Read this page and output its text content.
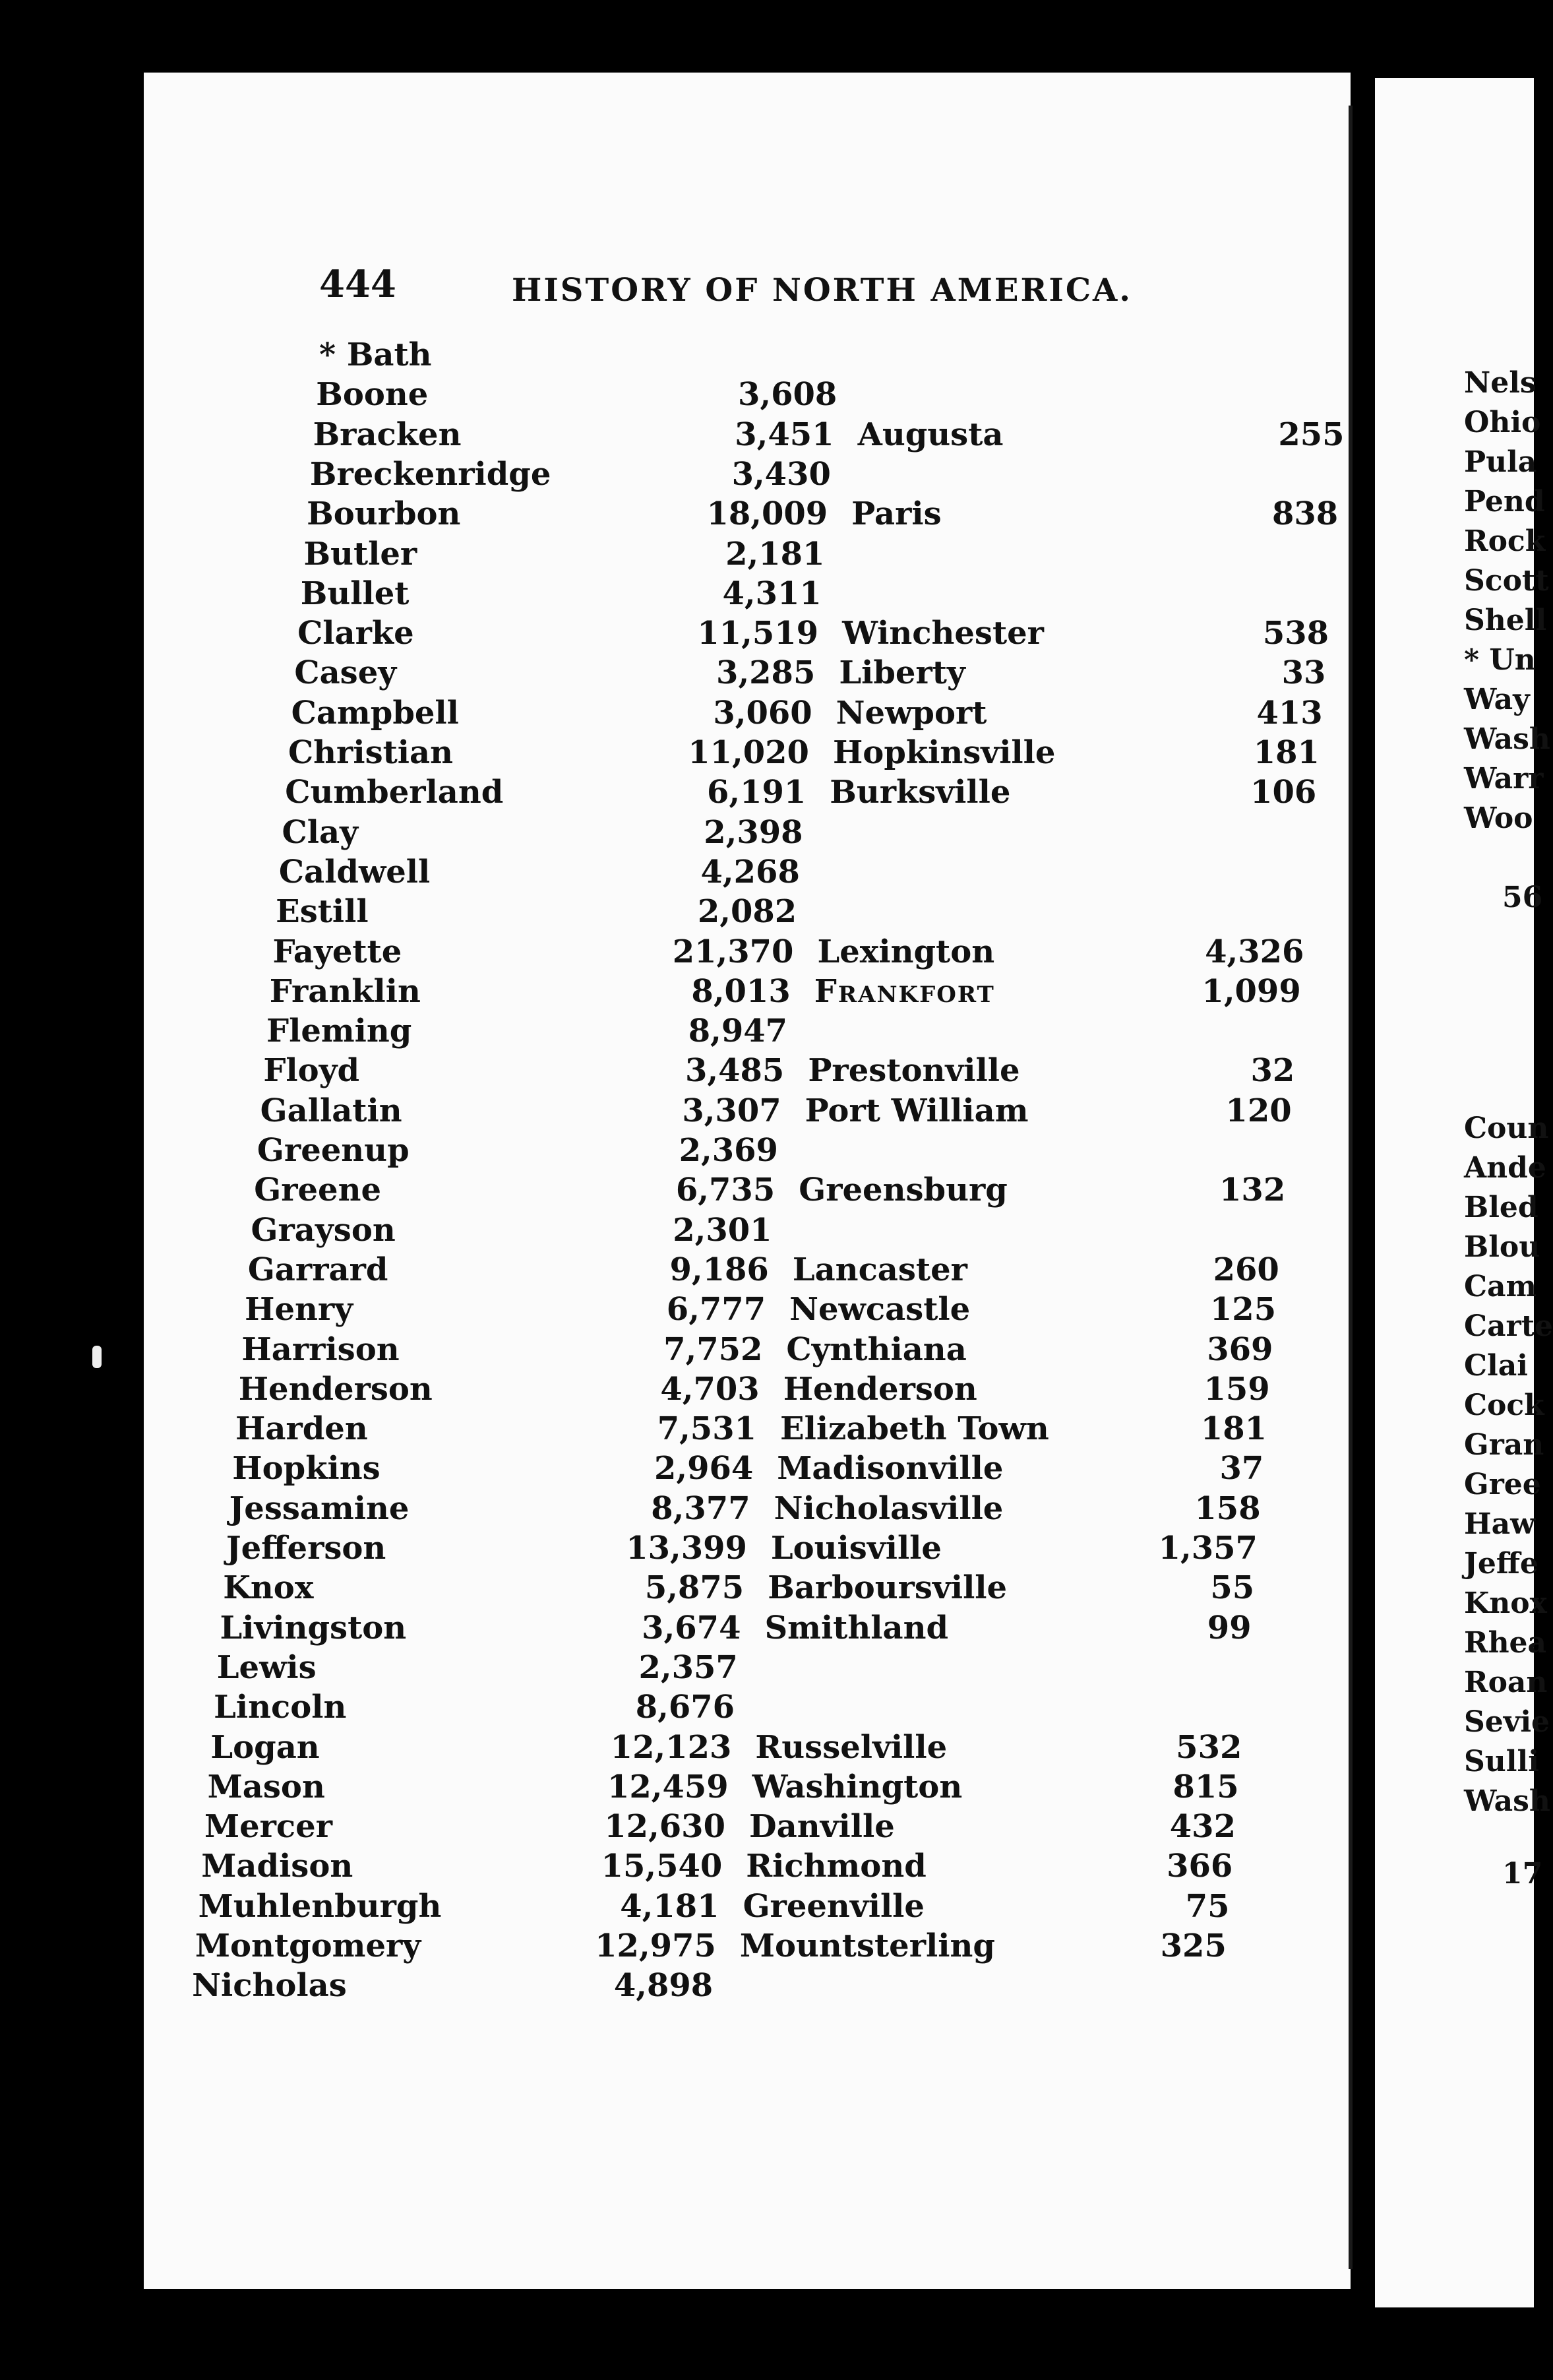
444	HISTORY OF NORTH AMERICA.
* Bath
Boone	3,608
Bracken	3,451 Augusta	255
Breckenridge	3,430
Bourbon	18,009 Paris	838
Butler	2,181
Bullet	4,311
Clarke	11,519 Winchester	538
Casey	3,285 Liberty	33
Campbell	3,060 Newport	413
Christian	11,020 Hopkinsville	181
Cumberland	6,191 Burksville	106
Clay	2,398
Caldwell	4,268
Estill	2,082
Fayette	21,370 Lexington	4,326
Franklin	8,013 Frankfort	1,099
Fleming	8,947
Floyd	3,485 Prestonville	32
Gallatin	3,307 Port William	120
Greenup	2,369
Greene	6,735 Greensburg	132
Grayson	2,301
Garrard	9,186 Lancaster	260
Henry	6,777 Newcastle	125
Harrison	7,752 Cynthiana	369
Henderson	4,703 Henderson	159
Harden	7,531 Elizabeth Town	181
Hopkins	2,964 Madisonville	37
Jessamine	8,377 Nicholasville	158
Jefferson	13,399 Louisville	1,357
Knox	5,875 Barboursville	55
Livingston	3,674 Smithland	99
Lewis	2,357
Lincoln	8,676
Logan	12,123 Russelville	532
Mason	12,459 Washington	815
Mercer	12,630 Danville	432
Madison	15,540 Richmond	366
Muhlenburgh	4,181 Greenville	75
Montgomery	12,975 Mountsterling	325
Nicholas	4,898
Nels
Ohio
Pula
Pend
Rock
Scott
Shell
* Un
Way
Wash
Warr
Woo
56
Coun
Ande
Bled
Blou
Cam
Carte
Clai
Cock
Gran
Gree
Haw
Jeffe
Knox
Rhea
Roan
Sevie
Sulli
Wash
17
